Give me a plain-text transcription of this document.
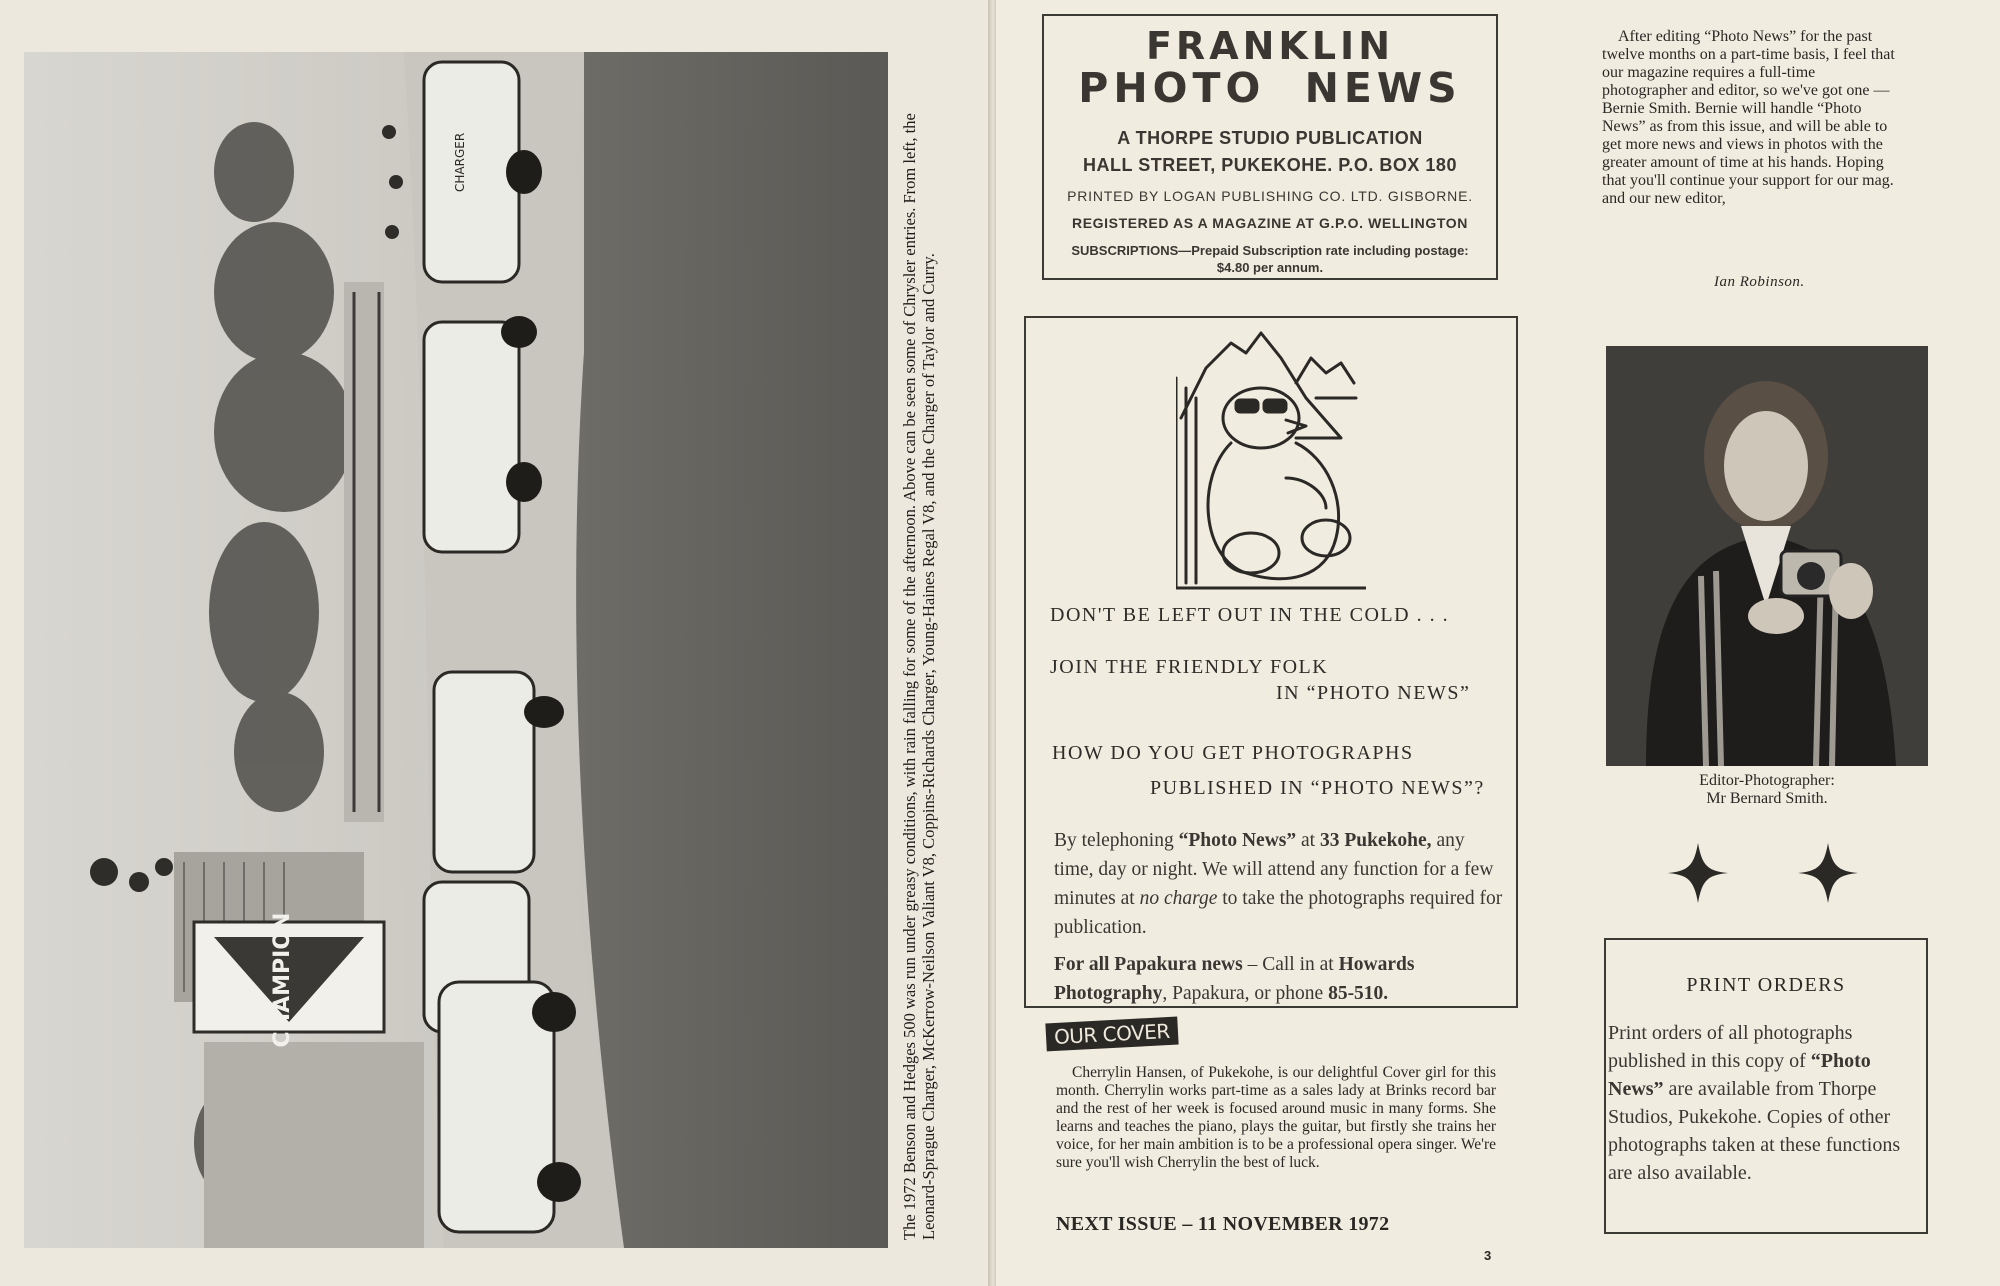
CHAMPION
CHARGER	The 1972 Benson and Hedges 500 was run under greasy conditions, with rain falling for some of the afternoon. Above can be seen some of Chrysler entries. From left, the Leonard-Sprague Charger, McKerrow-Neilson Valiant V8, Coppins-Richards Charger, Young-Haines Regal V8, and the Charger of Taylor and Curry.
FRANKLIN
PHOTO NEWS
A THORPE STUDIO PUBLICATION
HALL STREET, PUKEKOHE. P.O. BOX 180
PRINTED BY LOGAN PUBLISHING CO. LTD. GISBORNE.
REGISTERED AS A MAGAZINE AT G.P.O. WELLINGTON
SUBSCRIPTIONS—Prepaid Subscription rate including postage: $4.80 per annum.
DON'T BE LEFT OUT IN THE COLD . . .
JOIN THE FRIENDLY FOLK
IN “PHOTO NEWS”
HOW DO YOU GET PHOTOGRAPHS
PUBLISHED IN “PHOTO NEWS”?
By telephoning “Photo News” at 33 Pukekohe, any time, day or night. We will attend any function for a few minutes at no charge to take the photographs required for publication.
For all Papakura news – Call in at Howards Photography, Papakura, or phone 85-510.
OUR COVER
Cherrylin Hansen, of Pukekohe, is our delightful Cover girl for this month. Cherrylin works part-time as a sales lady at Brinks record bar and the rest of her week is focused around music in many forms. She learns and teaches the piano, plays the guitar, but firstly she trains her voice, for her main ambition is to be a professional opera singer. We're sure you'll wish Cherrylin the best of luck.
NEXT ISSUE – 11 NOVEMBER 1972
3
After editing “Photo News” for the past twelve months on a part-time basis, I feel that our magazine requires a full-time photographer and editor, so we've got one — Bernie Smith. Bernie will handle “Photo News” as from this issue, and will be able to get more news and views in photos with the greater amount of time at his hands. Hoping that you'll continue your support for our mag. and our new editor,
Ian Robinson.
Editor-Photographer:
Mr Bernard Smith.
PRINT ORDERS
Print orders of all photographs published in this copy of “Photo News” are available from Thorpe Studios, Pukekohe. Copies of other photographs taken at these functions are also available.
